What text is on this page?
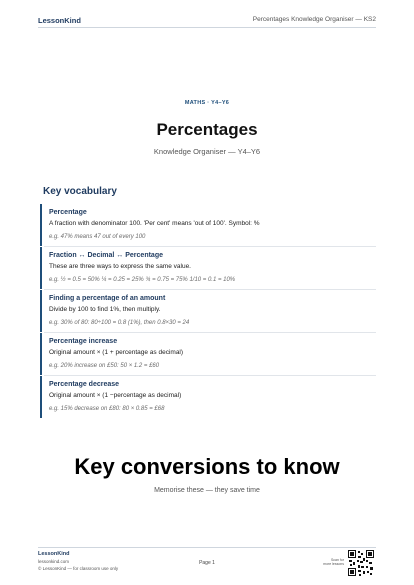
LessonKind	Percentages Knowledge Organiser — KS2
MATHS · Y4–Y6
Percentages
Knowledge Organiser — Y4–Y6
Key vocabulary
Percentage
A fraction with denominator 100. 'Per cent' means 'out of 100'. Symbol: %
e.g. 47% means 47 out of every 100
Fraction ↔ Decimal ↔ Percentage
These are three ways to express the same value.
e.g. ½ = 0.5 = 50% ¼ = 0.25 = 25% ¾ = 0.75 = 75% 1/10 = 0.1 = 10%
Finding a percentage of an amount
Divide by 100 to find 1%, then multiply.
e.g. 30% of 80: 80÷100 = 0.8 (1%), then 0.8×30 = 24
Percentage increase
Original amount × (1 + percentage as decimal)
e.g. 20% increase on £50: 50 × 1.2 = £60
Percentage decrease
Original amount × (1 −percentage as decimal)
e.g. 15% decrease on £80: 80 × 0.85 = £68
Key conversions to know
Memorise these — they save time
LessonKind
lessonkind.com
© LessonKind — for classroom use only
Page 1	Scan for
more lessons
